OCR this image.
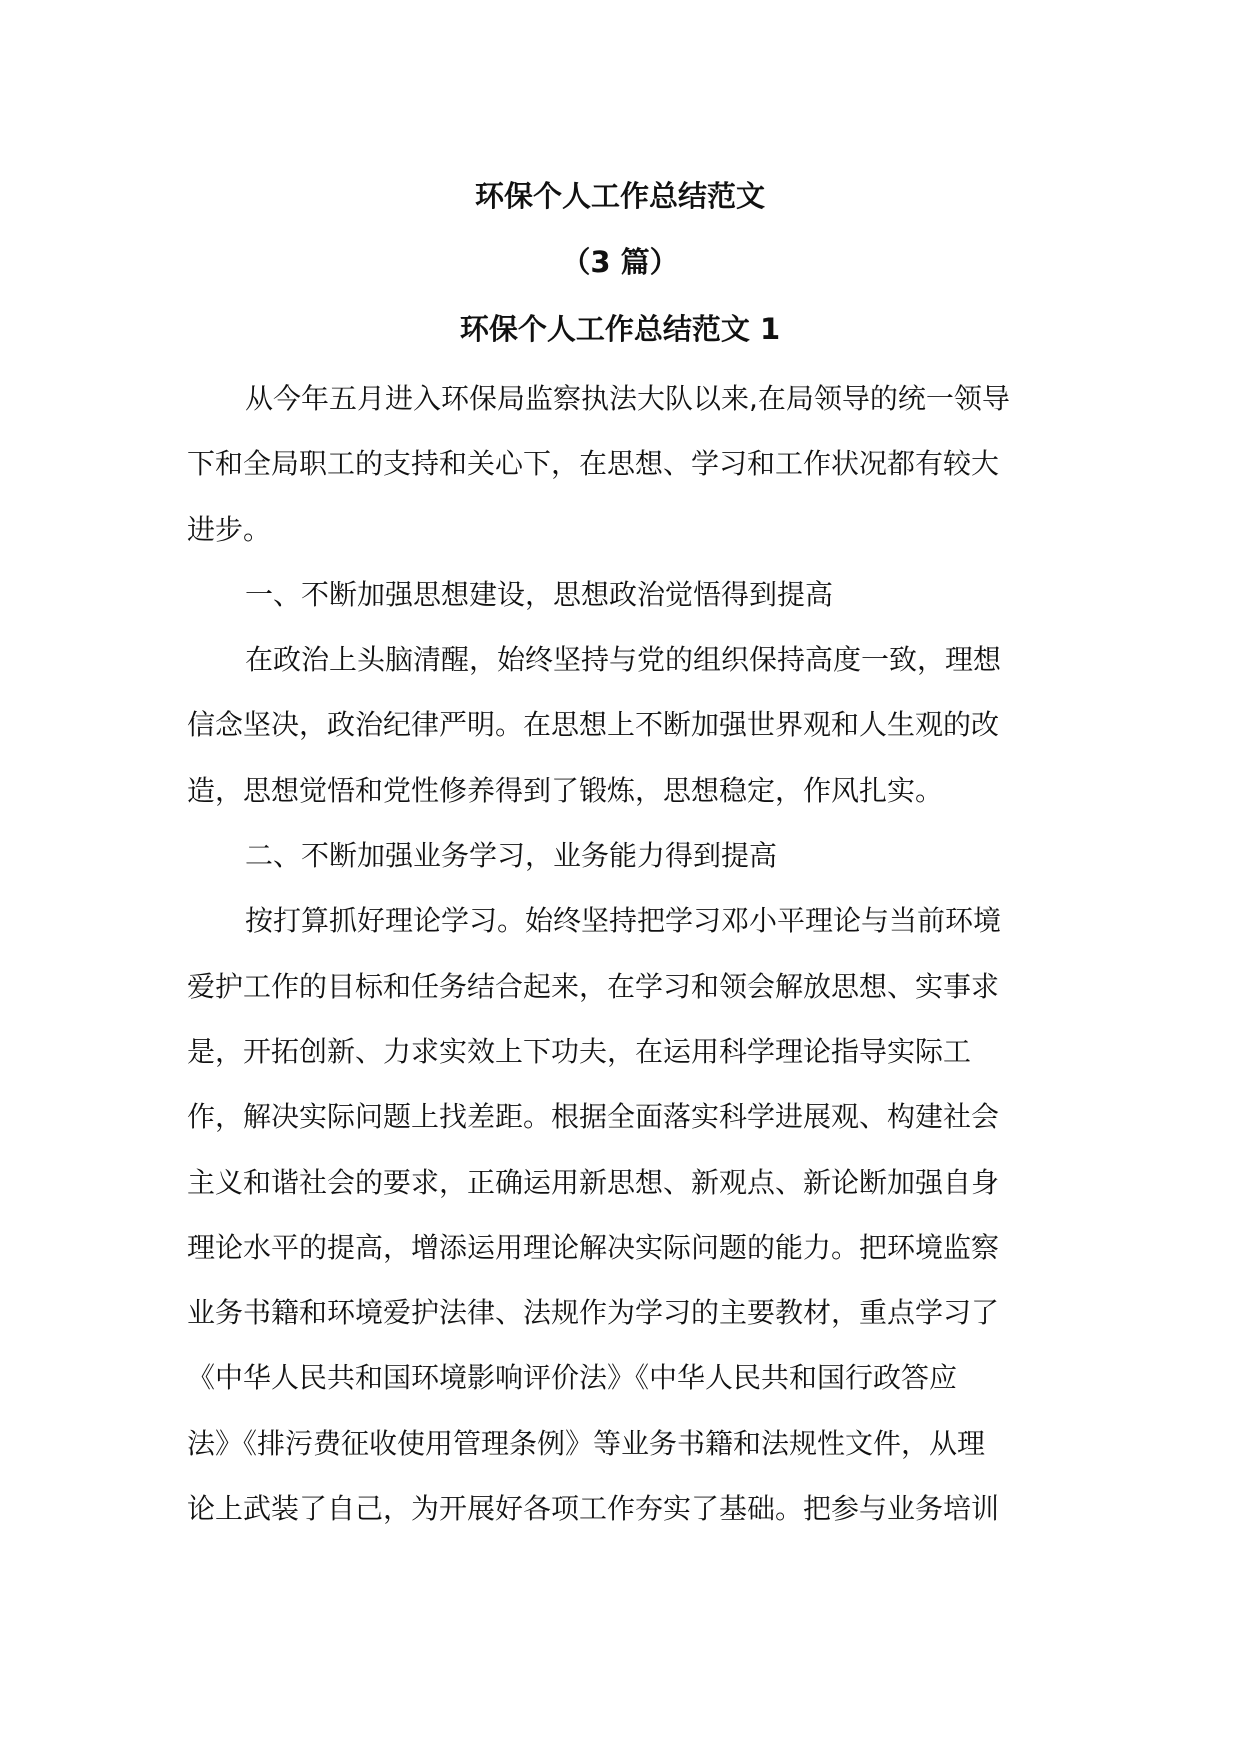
环保个人工作总结范文
（3 篇）
环保个人工作总结范文 1
从今年五月进入环保局监察执法大队以来,在局领导的统一领导
下和全局职工的支持和关心下，在思想、学习和工作状况都有较大
进步。
一、不断加强思想建设，思想政治觉悟得到提高
在政治上头脑清醒，始终坚持与党的组织保持高度一致，理想
信念坚决，政治纪律严明。在思想上不断加强世界观和人生观的改
造，思想觉悟和党性修养得到了锻炼，思想稳定，作风扎实。
二、不断加强业务学习，业务能力得到提高
按打算抓好理论学习。始终坚持把学习邓小平理论与当前环境
爱护工作的目标和任务结合起来，在学习和领会解放思想、实事求
是，开拓创新、力求实效上下功夫，在运用科学理论指导实际工
作，解决实际问题上找差距。根据全面落实科学进展观、构建社会
主义和谐社会的要求，正确运用新思想、新观点、新论断加强自身
理论水平的提高，增添运用理论解决实际问题的能力。把环境监察
业务书籍和环境爱护法律、法规作为学习的主要教材，重点学习了
《中华人民共和国环境影响评价法》《中华人民共和国行政答应
法》《排污费征收使用管理条例》等业务书籍和法规性文件，从理
论上武装了自己，为开展好各项工作夯实了基础。把参与业务培训
